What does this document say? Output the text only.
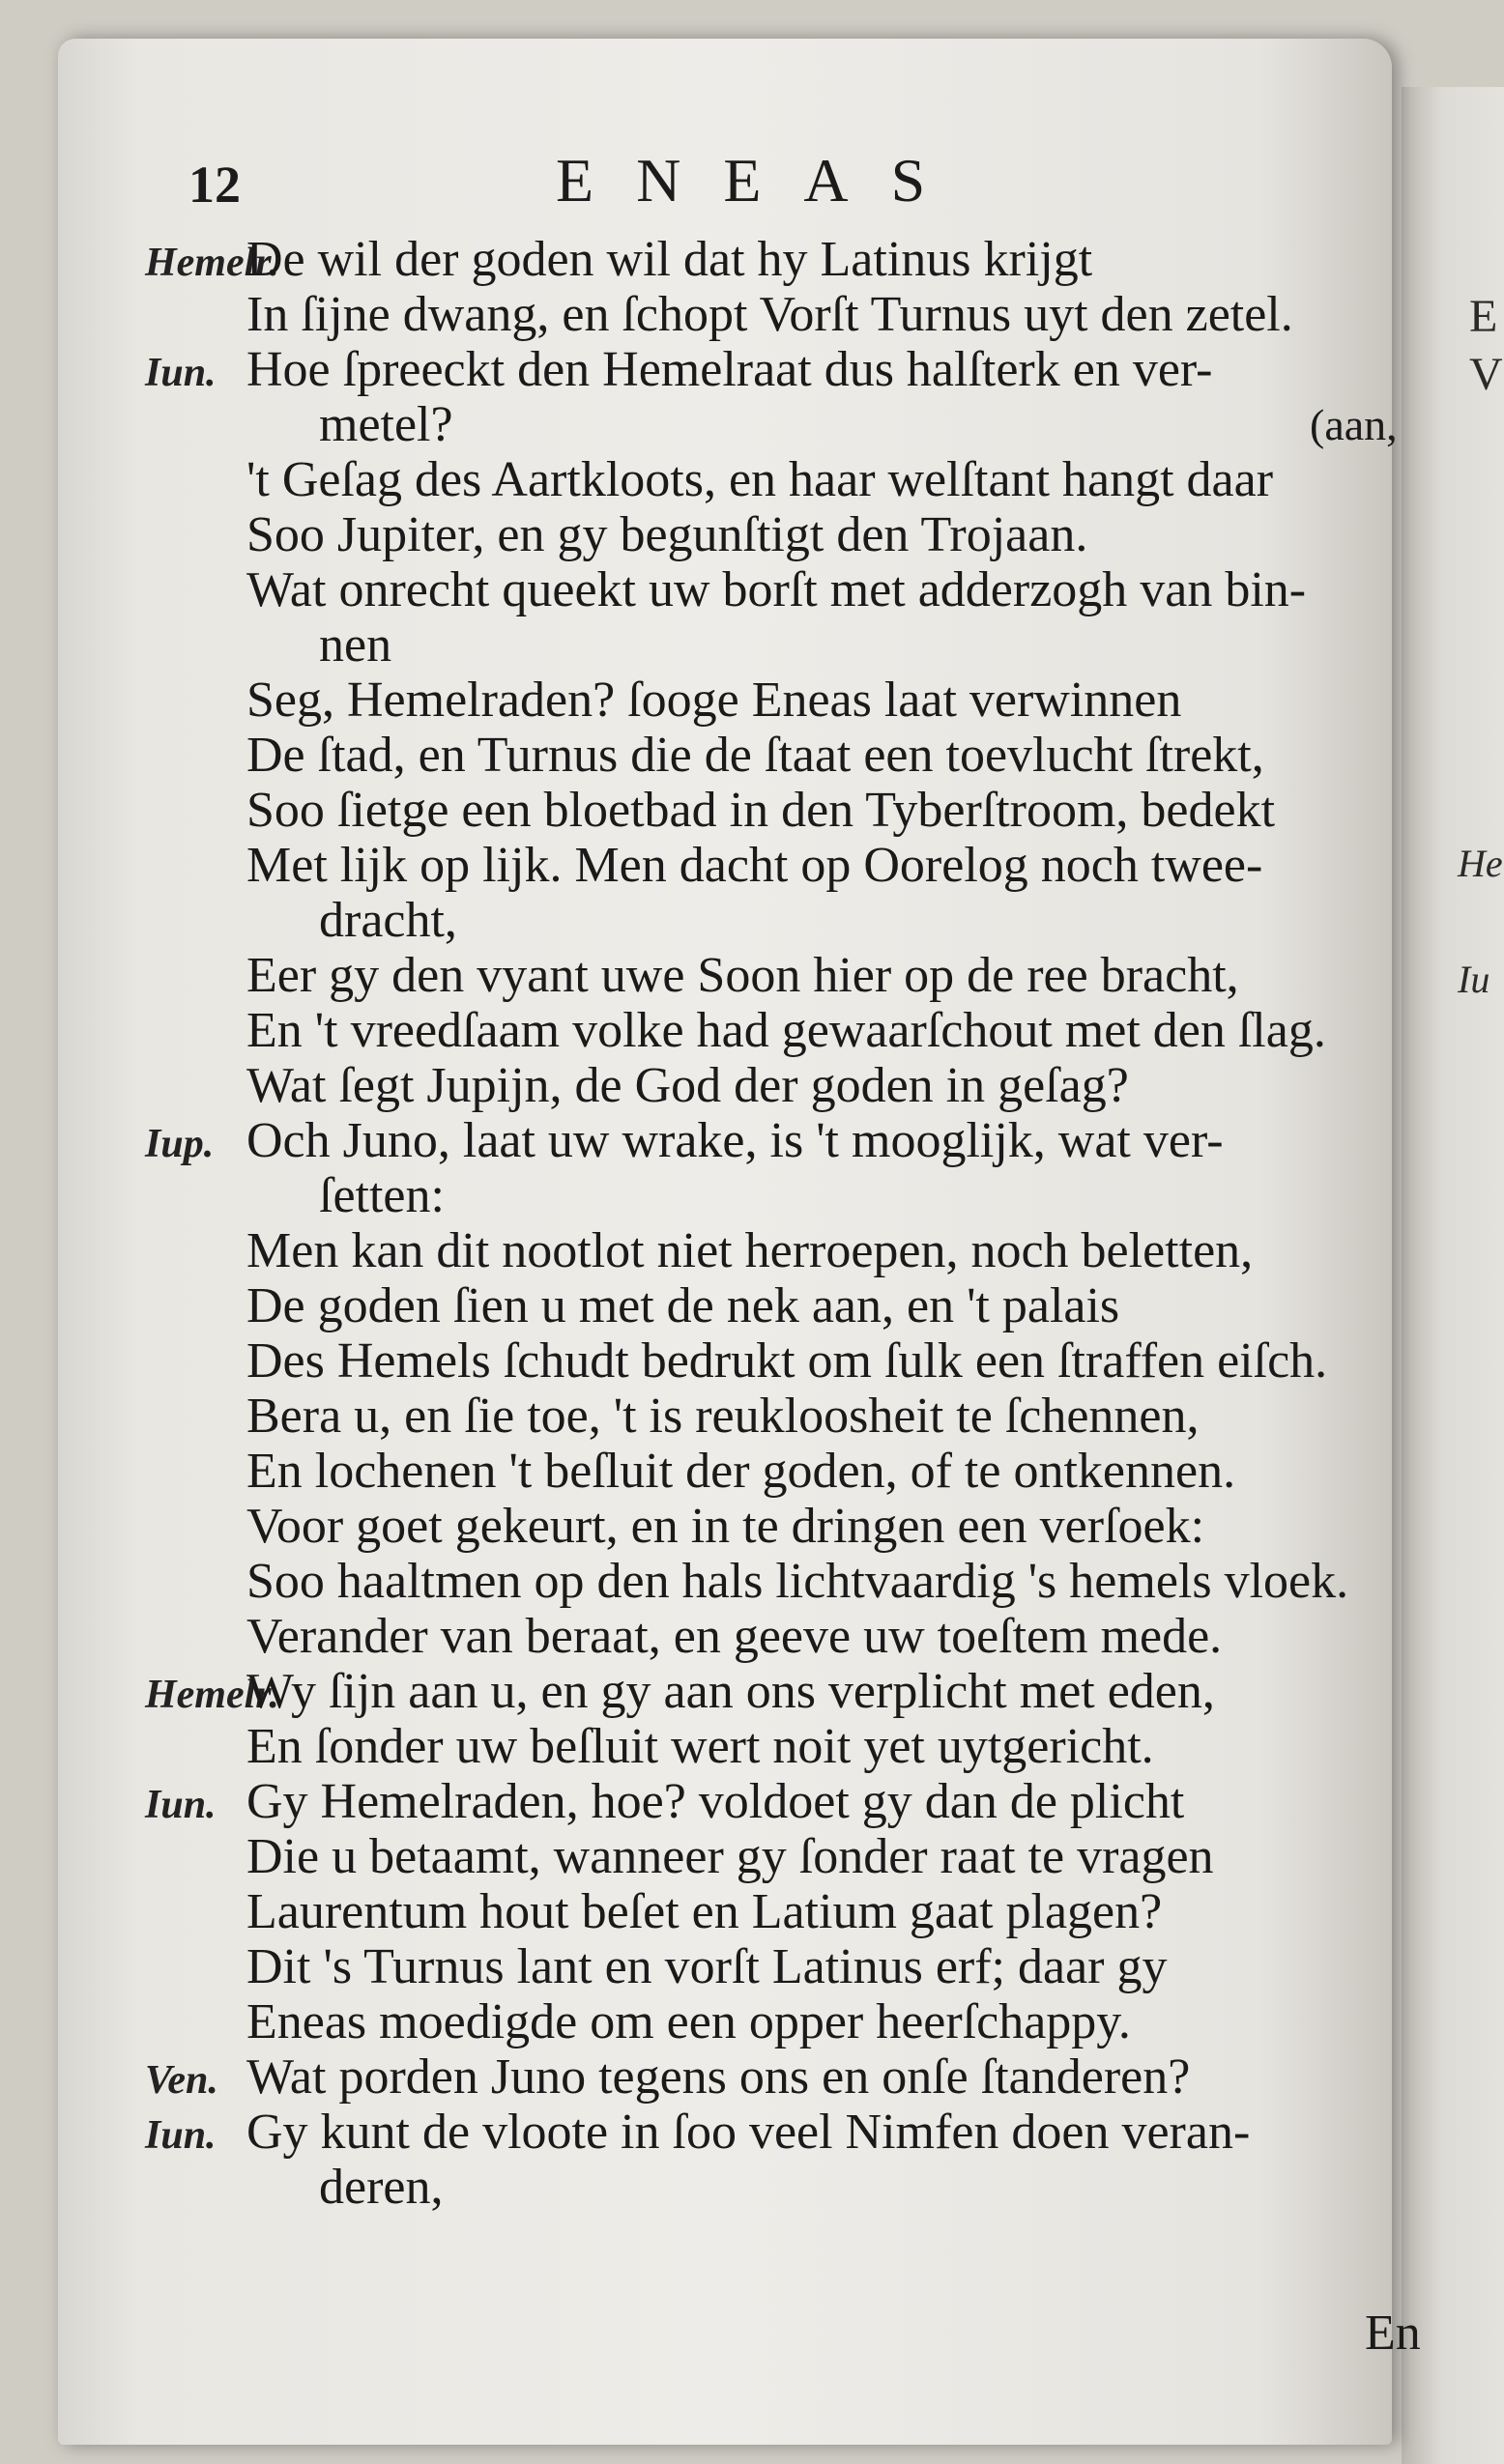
E
V
He
Iu
12	ENEAS
Hemelr.
De wil der goden wil dat hy Latinus krijgt
In ſijne dwang, en ſchopt Vorſt Turnus uyt den zetel.
Iun. Hoe ſpreeckt den Hemelraat dus halſterk en ver-
metel?	(aan,
't Geſag des Aartkloots, en haar welſtant hangt daar
Soo Jupiter, en gy begunſtigt den Trojaan.
Wat onrecht queekt uw borſt met adderzogh van bin-
nen
Seg, Hemelraden? ſooge Eneas laat verwinnen
De ſtad, en Turnus die de ſtaat een toevlucht ſtrekt,
Soo ſietge een bloetbad in den Tyberſtroom, bedekt
Met lijk op lijk. Men dacht op Oorelog noch twee-
dracht,
Eer gy den vyant uwe Soon hier op de ree bracht,
En 't vreedſaam volke had gewaarſchout met den ſlag.
Wat ſegt Jupijn, de God der goden in geſag?
Iup. Och Juno, laat uw wrake, is 't mooglijk, wat ver-
ſetten:
Men kan dit nootlot niet herroepen, noch beletten,
De goden ſien u met de nek aan, en 't palais
Des Hemels ſchudt bedrukt om ſulk een ſtraffen eiſch.
Bera u, en ſie toe, 't is reukloosheit te ſchennen,
En lochenen 't beſluit der goden, of te ontkennen.
Voor goet gekeurt, en in te dringen een verſoek:
Soo haaltmen op den hals lichtvaardig 's hemels vloek.
Verander van beraat, en geeve uw toeſtem mede.
Hemelr.
Wy ſijn aan u, en gy aan ons verplicht met eden,
En ſonder uw beſluit wert noit yet uytgericht.
Iun. Gy Hemelraden, hoe? voldoet gy dan de plicht
Die u betaamt, wanneer gy ſonder raat te vragen
Laurentum hout beſet en Latium gaat plagen?
Dit 's Turnus lant en vorſt Latinus erf; daar gy
Eneas moedigde om een opper heerſchappy.
Ven. Wat porden Juno tegens ons en onſe ſtanderen?
Iun. Gy kunt de vloote in ſoo veel Nimfen doen veran-
deren,
En
